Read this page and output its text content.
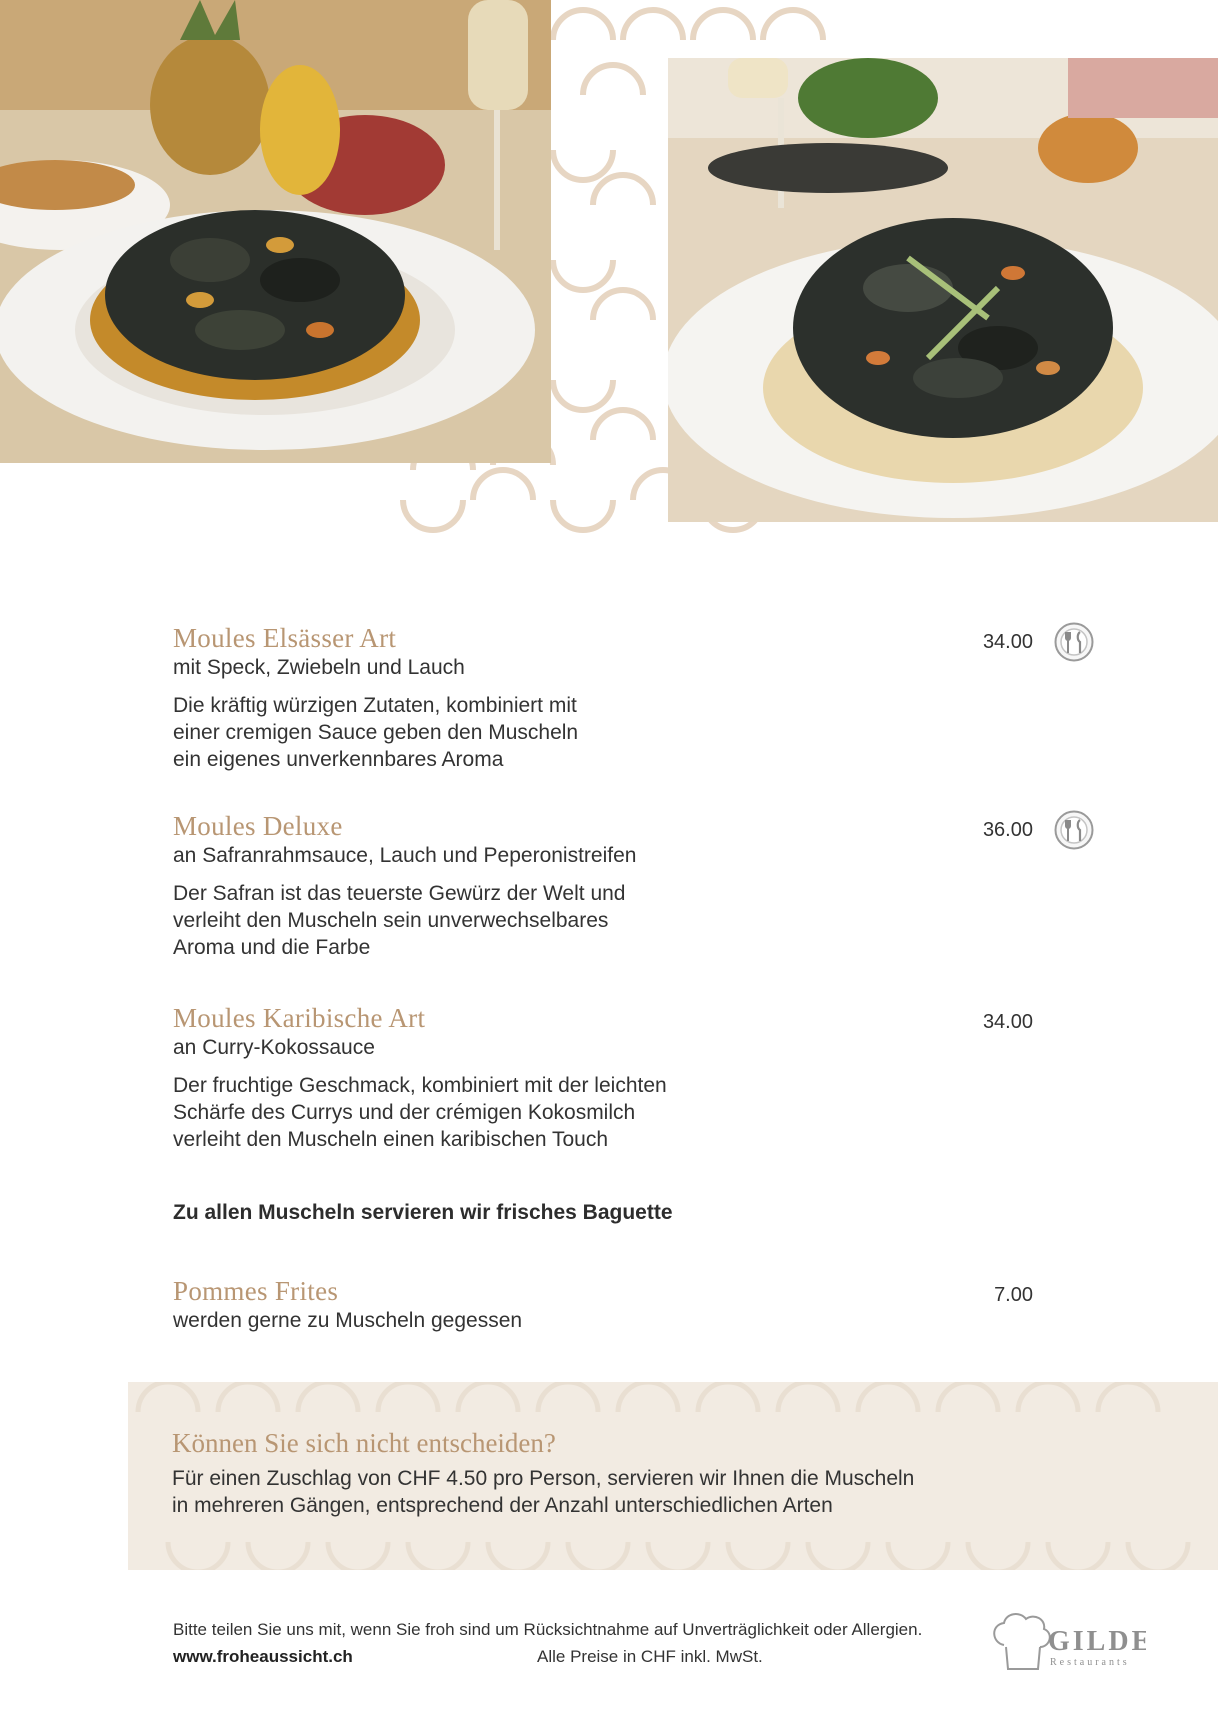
Moules Elsässer Art
mit Speck, Zwiebeln und Lauch
Die kräftig würzigen Zutaten, kombiniert mit
einer cremigen Sauce geben den Muscheln
ein eigenes unverkennbares Aroma
34.00
Moules Deluxe
an Safranrahmsauce, Lauch und Peperonistreifen
Der Safran ist das teuerste Gewürz der Welt und
verleiht den Muscheln sein unverwechselbares
Aroma und die Farbe
36.00
Moules Karibische Art
an Curry-Kokossauce
Der fruchtige Geschmack, kombiniert mit der leichten
Schärfe des Currys und der crémigen Kokosmilch
verleiht den Muscheln einen karibischen Touch
34.00
Zu allen Muscheln servieren wir frisches Baguette
Pommes Frites
werden gerne zu Muscheln gegessen
7.00
Können Sie sich nicht entscheiden?
Für einen Zuschlag von CHF 4.50 pro Person, servieren wir Ihnen die Muscheln
in mehreren Gängen, entsprechend der Anzahl unterschiedlichen Arten
Bitte teilen Sie uns mit, wenn Sie froh sind um Rücksichtnahme auf Unverträglichkeit oder Allergien.
www.froheaussicht.ch	Alle Preise in CHF inkl. MwSt.	GILDE
Restaurants
